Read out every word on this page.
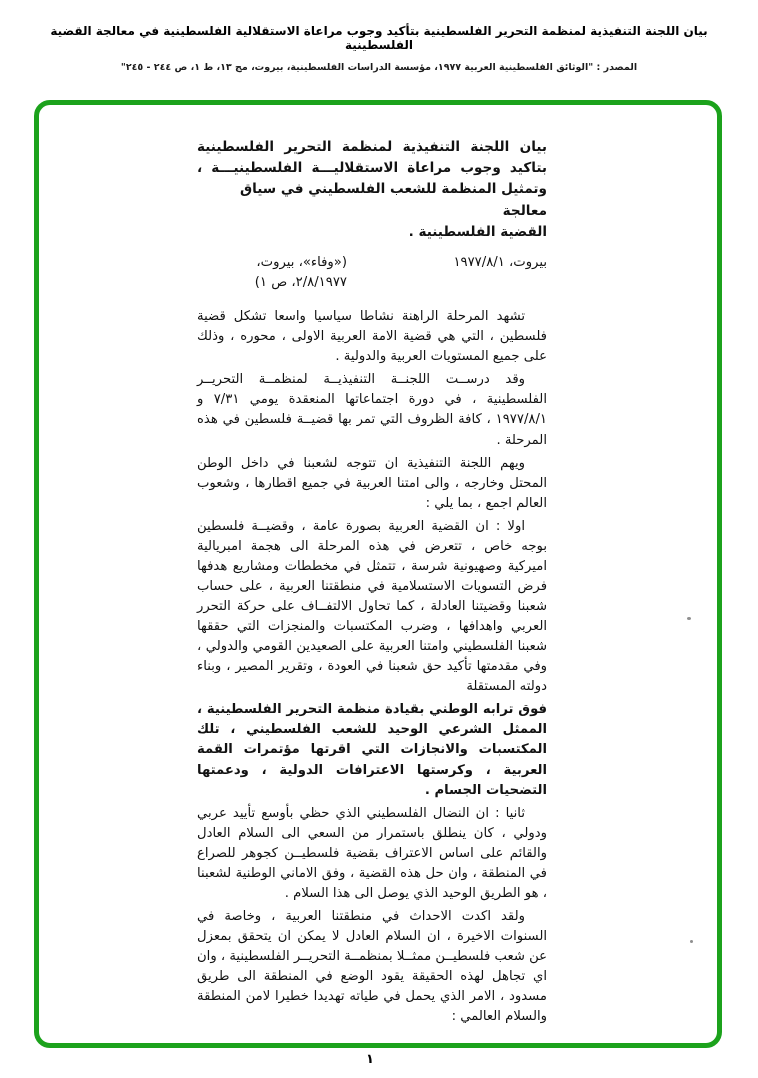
بيان اللجنة التنفيذية لمنظمة التحرير الفلسطينية بتأكيد وجوب مراعاة الاستقلالية الفلسطينية في معالجة القضية الفلسطينية
المصدر : "الوثائق الفلسطينية العربية ١٩٧٧، مؤسسة الدراسات الفلسطينية، بيروت، مج ١٣، ط ١، ص ٢٤٤ - ٢٤٥"
بيان اللجنة التنفيذية لمنظمة التحرير الفلسطينية
بتاكيد وجوب مراعاة الاستقلاليـــة الفلسطينيـــة ،
وتمثيل المنظمة للشعب الفلسطيني في سياق معالجة
القضية الفلسطينية .
بيروت، ١٩٧٧/٨/١
(«وفاء»، بيروت، ٢/٨/١٩٧٧، ص ١)

تشهد المرحلة الراهنة نشاطا سياسيا واسعا تشكل قضية فلسطين ، التي هي قضية الامة العربية الاولى ، محوره ، وذلك على جميع المستويات العربية والدولية .

وقد درســت اللجنــة التنفيذيــة لمنظمــة التحريــر الفلسطينية ، في دورة اجتماعاتها المنعقدة يومي ٧/٣١ و ١٩٧٧/٨/١ ، كافة الظروف التي تمر بها قضيــة فلسطين في هذه المرحلة .

ويهم اللجنة التنفيذية ان تتوجه لشعبنا في داخل الوطن المحتل وخارجه ، والى امتنا العربية في جميع اقطارها ، وشعوب العالم اجمع ، بما يلي :

اولا : ان القضية العربية بصورة عامة ، وقضيــة فلسطين بوجه خاص ، تتعرض في هذه المرحلة الى هجمة امبريالية اميركية وصهيونية شرسة ، تتمثل في مخططات ومشاريع هدفها فرض التسويات الاستسلامية في منطقتنا العربية ، على حساب شعبنا وقضيتنا العادلة ، كما تحاول الالتفــاف على حركة التحرر العربي واهدافها ، وضرب المكتسبات والمنجزات التي حققها شعبنا الفلسطيني وامتنا العربية على الصعيدين القومي والدولي ، وفي مقدمتها تأكيد حق شعبنا في العودة ، وتقرير المصير ، وبناء دولته المستقلة

فوق ترابه الوطني بقيادة منظمة التحرير الفلسطينية ، الممثل الشرعي الوحيد للشعب الفلسطيني ، تلك المكتسبات والانجازات التي اقرتها مؤتمرات القمة العربية ، وكرستها الاعترافات الدولية ، ودعمتها التضحيات الجسام .

ثانيا : ان النضال الفلسطيني الذي حظي بأوسع تأييد عربي ودولي ، كان ينطلق باستمرار من السعي الى السلام العادل والقائم على اساس الاعتراف بقضية فلسطيــن كجوهر للصراع في المنطقة ، وان حل هذه القضية ، وفق الاماني الوطنية لشعبنا ، هو الطريق الوحيد الذي يوصل الى هذا السلام .

ولقد اكدت الاحداث في منطقتنا العربية ، وخاصة في السنوات الاخيرة ، ان السلام العادل لا يمكن ان يتحقق بمعزل عن شعب فلسطيــن ممثــلا بمنظمــة التحريــر الفلسطينية ، وان اي تجاهل لهذه الحقيقة يقود الوضع في المنطقة الى طريق مسدود ، الامر الذي يحمل في طياته تهديدا خطيرا لامن المنطقة والسلام العالمي :

١
